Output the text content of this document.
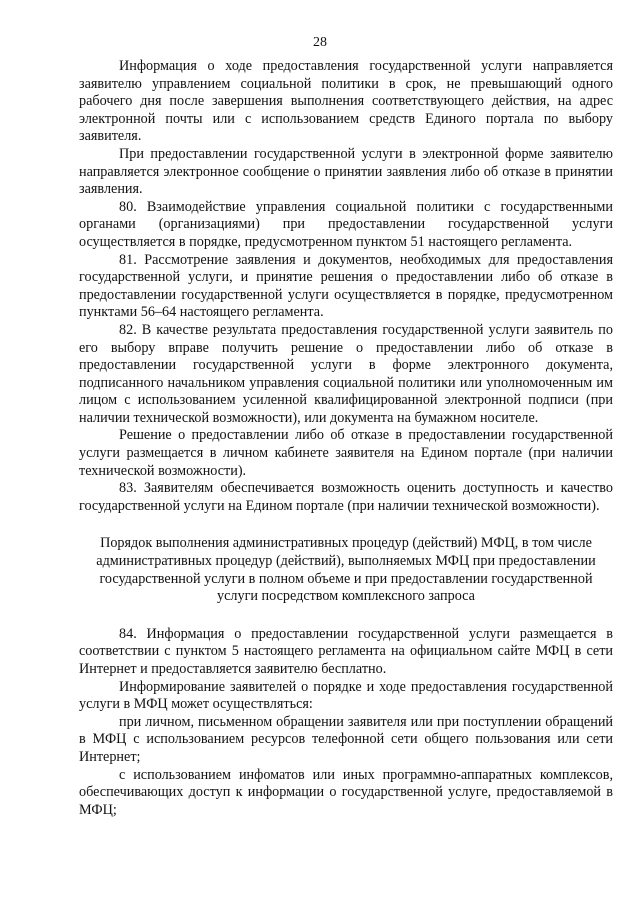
28

Информация о ходе предоставления государственной услуги направляется заявителю управлением социальной политики в срок, не превышающий одного рабочего дня после завершения выполнения соответствующего действия, на адрес электронной почты или с использованием средств Единого портала по выбору заявителя.

При предоставлении государственной услуги в электронной форме заявителю направляется электронное сообщение о принятии заявления либо об отказе в принятии заявления.

80. Взаимодействие управления социальной политики с государственными органами (организациями) при предоставлении государственной услуги осуществляется в порядке, предусмотренном пунктом 51 настоящего регламента.

81. Рассмотрение заявления и документов, необходимых для предоставления государственной услуги, и принятие решения о предоставлении либо об отказе в предоставлении государственной услуги осуществляется в порядке, предусмотренном пунктами 56–64 настоящего регламента.

82. В качестве результата предоставления государственной услуги заявитель по его выбору вправе получить решение о предоставлении либо об отказе в предоставлении государственной услуги в форме электронного документа, подписанного начальником управления социальной политики или уполномоченным им лицом с использованием усиленной квалифицированной электронной подписи (при наличии технической возможности), или документа на бумажном носителе.

Решение о предоставлении либо об отказе в предоставлении государственной услуги размещается в личном кабинете заявителя на Едином портале (при наличии технической возможности).

83. Заявителям обеспечивается возможность оценить доступность и качество государственной услуги на Едином портале (при наличии технической возможности).

Порядок выполнения административных процедур (действий) МФЦ, в том числе
административных процедур (действий), выполняемых МФЦ при предоставлении
государственной услуги в полном объеме и при предоставлении государственной
услуги посредством комплексного запроса

84. Информация о предоставлении государственной услуги размещается в соответствии с пунктом 5 настоящего регламента на официальном сайте МФЦ в сети Интернет и предоставляется заявителю бесплатно.

Информирование заявителей о порядке и ходе предоставления государственной услуги в МФЦ может осуществляться:

при личном, письменном обращении заявителя или при поступлении обращений в МФЦ с использованием ресурсов телефонной сети общего пользования или сети Интернет;

с использованием инфоматов или иных программно-аппаратных комплексов, обеспечивающих доступ к информации о государственной услуге, предоставляемой в МФЦ;
